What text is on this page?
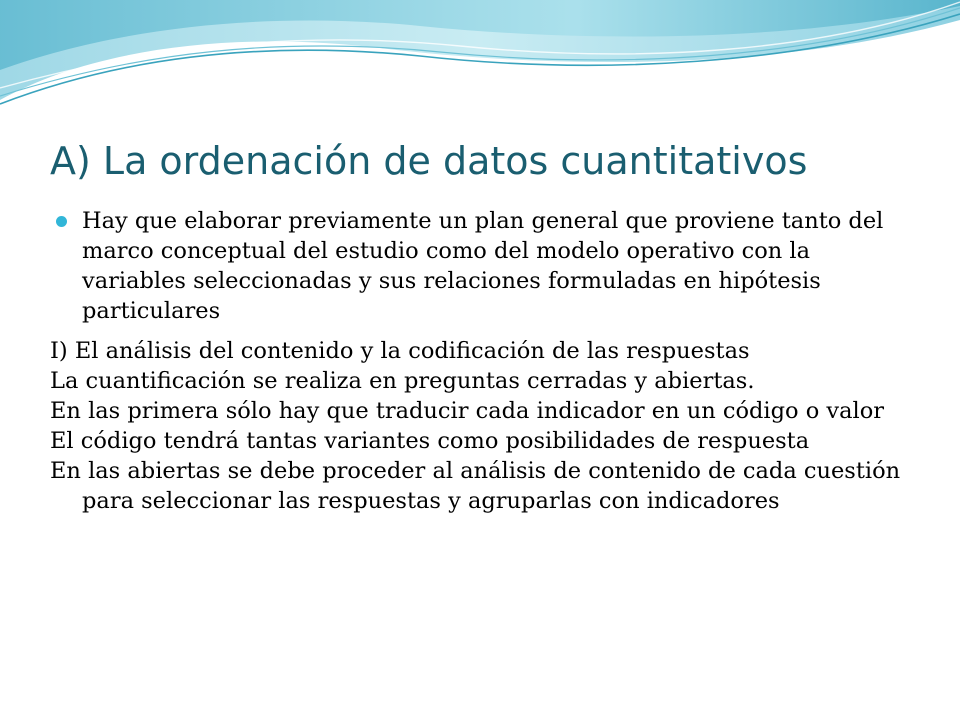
A) La ordenación de datos cuantitativos

Hay que elaborar previamente un plan general que proviene tanto del marco conceptual del estudio como del modelo operativo con la variables seleccionadas y sus relaciones formuladas en hipótesis particulares

I) El análisis del contenido y la codificación de las respuestas
La cuantificación se realiza en preguntas cerradas y abiertas.
En las primera sólo hay que traducir cada indicador en un código o valor
El código tendrá tantas variantes como posibilidades de respuesta
En las abiertas se debe proceder al análisis de contenido de cada cuestión para seleccionar las respuestas y agruparlas con indicadores
